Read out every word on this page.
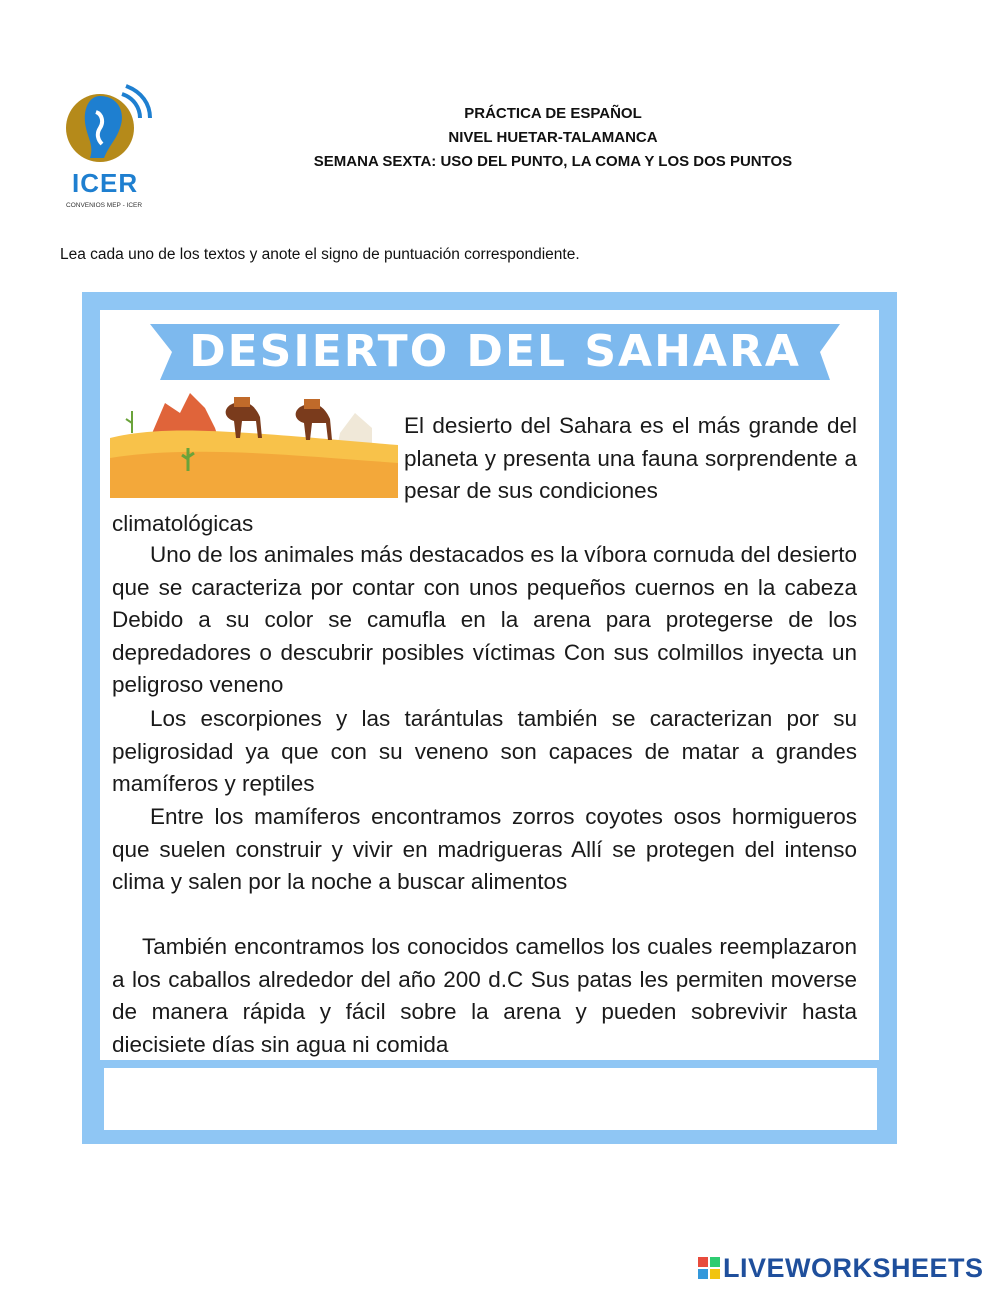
ICER
CONVENIOS MEP - ICER
PRÁCTICA DE ESPAÑOL
NIVEL HUETAR-TALAMANCA
SEMANA SEXTA: USO DEL PUNTO, LA COMA Y LOS DOS PUNTOS
Lea cada uno de los textos y anote el signo de puntuación correspondiente.
DESIERTO DEL SAHARA
El desierto del Sahara es el más grande del planeta y presenta una fauna sorprendente a pesar de sus condiciones
climatológicas
Uno de los animales más destacados es la víbora cornuda del desierto que se caracteriza por contar con unos pequeños cuernos en la cabeza Debido a su color se camufla en la arena para protegerse de los depredadores o descubrir posibles víctimas Con sus colmillos inyecta un peligroso veneno
Los escorpiones y las tarántulas también se caracterizan por su peligrosidad ya que con su veneno son capaces de matar a grandes mamíferos y reptiles
Entre los mamíferos encontramos zorros coyotes osos hormigueros que suelen construir y vivir en madrigueras Allí se protegen del intenso clima y salen por la noche a buscar alimentos
También encontramos los conocidos camellos los cuales reemplazaron a los caballos alrededor del año 200 d.C Sus patas les permiten moverse de manera rápida y fácil sobre la arena y pueden sobrevivir hasta diecisiete días sin agua ni comida
LIVEWORKSHEETS
